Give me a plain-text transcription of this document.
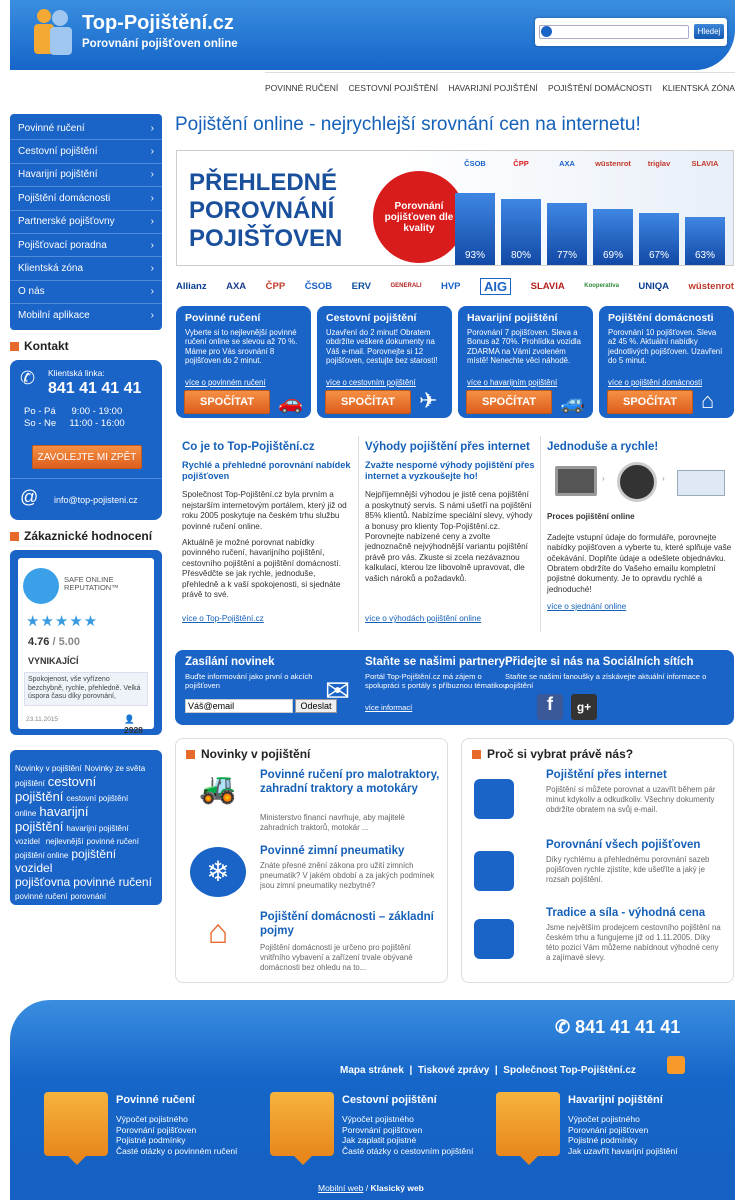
Top-Pojištění.cz
Porovnání pojišťoven online
Hledej
POVINNÉ RUČENÍ CESTOVNÍ POJIŠTĚNÍ HAVARIJNÍ POJIŠTĚNÍ POJIŠTĚNÍ DOMÁCNOSTI KLIENTSKÁ ZÓNA
Povinné ručení	›
Cestovní pojištění	›
Havarijní pojištění	›
Pojištění domácnosti	›
Partnerské pojišťovny	›
Pojišťovací poradna	›
Klientská zóna	›
O nás	›
Mobilní aplikace	›
Kontakt
✆ Klientská linka:
841 41 41 41
Po - Pá      9:00 - 19:00
So - Ne     11:00 - 16:00
ZAVOLEJTE MI ZPĚT
@ info@top-pojisteni.cz
Zákaznické hodnocení
SAFE ONLINE REPUTATION™
★★★★★
4.76 / 5.00
VYNIKAJÍCÍ
Spokojenost, vše vyřízeno bezchybně, rychle, přehledně. Velká úspora času díky porovnání,
23.11.2015	👤 2928
Novinky v pojištění Novinky ze světa pojištění cestovní pojištění cestovní pojištění online havarijní pojištění havarijní pojištění vozidel nejlevnější povinné ručení pojištění online pojištění vozidel pojišťovna povinné ručení povinné ručení porovnání
Pojištění online - nejrychlejší srovnání cen na internetu!
PŘEHLEDNÉ
POROVNÁNÍ
POJIŠŤOVEN
Porovnání pojišťoven dle kvality
93%	80%	77%	69%	67%	63%
ČSOB	ČPP	AXA	wüstenrot	triglav	SLAVIA
Allianz AXA ČPP ČSOB ERV	GENERALI HVP	AIG	SLAVIA	Kooperativa UNIQA wüstenrot
Povinné ručení
Vyberte si to nejlevnější povinné ručení online se slevou až 70 %. Máme pro Vás srovnání 8 pojišťoven do 2 minut.
více o povinném ručení
SPOČÍTAT	🚗
Cestovní pojištění
Uzavření do 2 minut! Obratem obdržíte veškeré dokumenty na Váš e-mail. Porovnejte si 12 pojišťoven, cestujte bez starostí!
více o cestovním pojištění
SPOČÍTAT	✈
Havarijní pojištění
Porovnání 7 pojišťoven. Sleva a Bonus až 70%. Prohlídka vozidla ZDARMA na Vámi zvoleném místě! Nenechte věci náhodě.
více o havarijním pojištění
SPOČÍTAT	🚙
Pojištění domácnosti
Porovnání 10 pojišťoven. Sleva až 45 %. Aktuální nabídky jednotlivých pojišťoven. Uzavření do 5 minut.
více o pojištění domácnosti
SPOČÍTAT	⌂
Co je to Top-Pojištění.cz
Rychlé a přehledné porovnání nabídek pojišťoven

Společnost Top-Pojištění.cz byla prvním a nejstarším internetovým portálem, který již od roku 2005 poskytuje na českém trhu službu povinné ručení online.

Aktuálně je možné porovnat nabídky povinného ručení, havarijního pojištění, cestovního pojištění a pojištění domácností. Přesvědčte se jak rychle, jednoduše, přehledně a k vaší spokojenosti, si sjednáte právě to své.

více o Top-Pojištění.cz
Výhody pojištění přes internet
Zvažte nesporné výhody pojištění přes internet a vyzkoušejte ho!

Nejpříjemnější výhodou je jistě cena pojištění a poskytnutý servis. S námi ušetří na pojištění 85% klientů. Nabízíme speciální slevy, výhody a bonusy pro klienty Top-Pojištění.cz. Porovnejte nabízené ceny a zvolte jednoznačně nejvýhodnější variantu pojištění právě pro vás. Zkuste si zcela nezávaznou kalkulaci, kterou lze libovolně upravovat, dle vašich nároků a požadavků.

více o výhodách pojištění online
Jednoduše a rychle!
›	›
Proces pojištění online

Zadejte vstupní údaje do formuláře, porovnejte nabídky pojišťoven a vyberte tu, které splňuje vaše očekávání. Doplňte údaje a odešlete objednávku. Obratem obdržíte do Vašeho emailu kompletní pojistné dokumenty. Je to opravdu rychlé a jednoduché!

více o sjednání online
Zasílání novinek

Buďte informování jako první o akcích pojišťoven

Váš@email
Odeslat
✉
Staňte se našimi partnery!

Portál Top-Pojištění.cz má zájem o spolupráci s portály s příbuznou tématikou

více informací

Přidejte si nás na Sociálních sítích

Staňte se našimi fanoušky a získávejte aktuální informace o pojištění

f	g+
Novinky v pojištění
🚜	Povinné ručení pro malotraktory, zahradní traktory a motokáry
Ministerstvo financí navrhuje, aby majitelé zahradních traktorů, motokár ...
❄
Povinné zimní pneumatiky
Znáte přesné znění zákona pro užití zimních pneumatik? V jakém období a za jakých podmínek jsou zimní pneumatiky nezbytné?
⌂	Pojištění domácnosti – základní pojmy
Pojištění domácnosti je určeno pro pojištění vnitřního vybavení a zařízení trvale obývané domácnosti bez ohledu na to...
Proč si vybrat právě nás?
Pojištění přes internet
Pojištění si můžete porovnat a uzavřít během pár minut kdykoliv a odkudkoliv. Všechny dokumenty obdržíte obratem na svůj e-mail.
Porovnání všech pojišťoven
Díky rychlému a přehlednému porovnání sazeb pojišťoven rychle zjistíte, kde ušetříte a jaký je rozsah pojištění.
Tradice a síla - výhodná cena
Jsme největším prodejcem cestovního pojištění na českém trhu a fungujeme již od 1.11.2005. Díky této pozici Vám můžeme nabídnout výhodné ceny a zajímavé slevy.
✆ 841 41 41 41
Mapa stránek  |  Tiskové zprávy  |  Společnost Top-Pojištění.cz
Povinné ručení
Výpočet pojistného
Porovnání pojišťoven
Pojistné podmínky
Časté otázky o povinném ručení
Cestovní pojištění
Výpočet pojistného
Porovnání pojišťoven
Jak zaplatit pojistné
Časté otázky o cestovním pojištění
Havarijní pojištění
Výpočet pojistného
Porovnání pojišťoven
Pojistné podmínky
Jak uzavřít havarijní pojištění
Mobilní web / Klasický web
